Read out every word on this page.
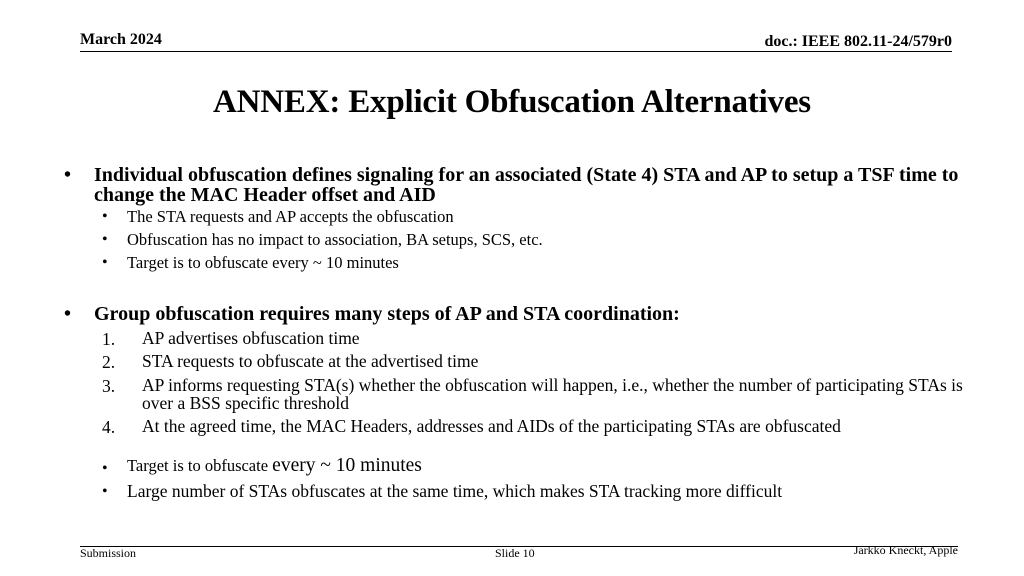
March 2024	doc.: IEEE 802.11-24/579r0
ANNEX: Explicit Obfuscation Alternatives
• Individual obfuscation defines signaling for an associated (State 4) STA and AP to setup a TSF time to change the MAC Header offset and AID
• The STA requests and AP accepts the obfuscation
• Obfuscation has no impact to association, BA setups, SCS, etc.
• Target is to obfuscate every ~ 10 minutes
• Group obfuscation requires many steps of AP and STA coordination:
1. AP advertises obfuscation time
2. STA requests to obfuscate at the advertised time
3. AP informs requesting STA(s) whether the obfuscation will happen, i.e., whether the number of participating STAs is over a BSS specific threshold
4. At the agreed time, the MAC Headers, addresses and AIDs of the participating STAs are obfuscated
• Target is to obfuscate every ~ 10 minutes
• Large number of STAs obfuscates at the same time, which makes STA tracking more difficult
Submission	Slide 10	Jarkko Kneckt, Apple
